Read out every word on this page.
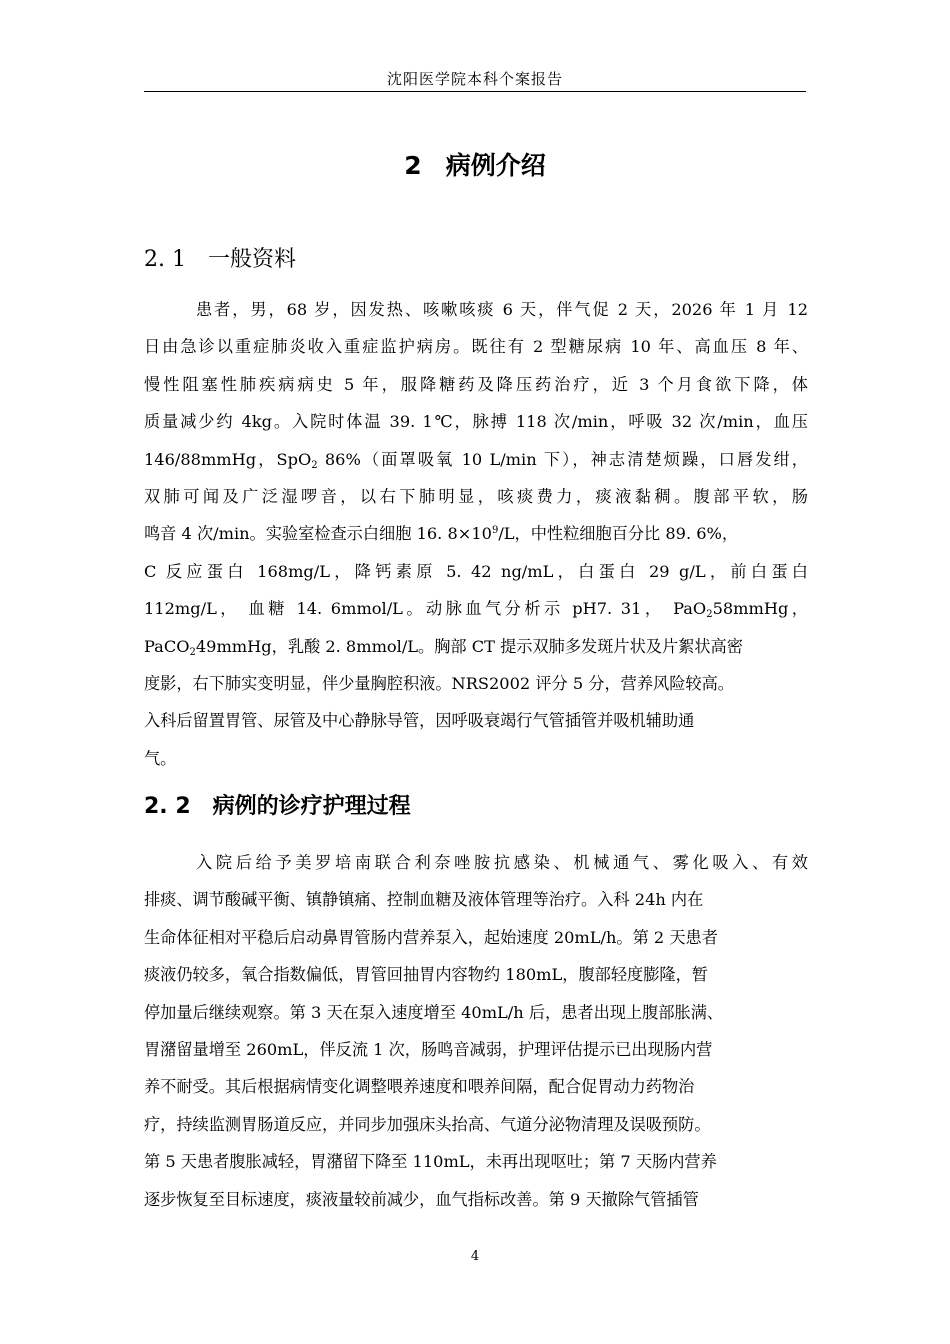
沈阳医学院本科个案报告
2 病例介绍
2. 1 一般资料
患者，男，68 岁，因发热、咳嗽咳痰 6 天，伴气促 2 天，2026 年 1 月 12
日由急诊以重症肺炎收入重症监护病房。既往有 2 型糖尿病 10 年、高血压 8 年、
慢性阻塞性肺疾病病史 5 年，服降糖药及降压药治疗，近 3 个月食欲下降，体
质量减少约 4kg。入院时体温 39. 1℃，脉搏 118 次/min，呼吸 32 次/min，血压
146/88mmHg，SpO$_2$ 86%（面罩吸氧 10 L/min 下），神志清楚烦躁，口唇发绀，
双肺可闻及广泛湿啰音，以右下肺明显，咳痰费力，痰液黏稠。腹部平软，肠
鸣音 4 次/min。实验室检查示白细胞 16. $8\times 10^9/L$，中性粒细胞百分比 89. 6%，
C 反应蛋白 168mg/L，降钙素原 5. 42 ng/mL，白蛋白 29 g/L，前白蛋白
112mg/L， 血糖 14. 6mmol/L。动脉血气分析示 pH7. 31， PaO$_2$58mmHg，
PaCO$_2$49mmHg，乳酸 2. 8mmol/L。胸部 CT 提示双肺多发斑片状及片絮状高密
度影，右下肺实变明显，伴少量胸腔积液。NRS2002 评分 5 分，营养风险较高。
入科后留置胃管、尿管及中心静脉导管，因呼吸衰竭行气管插管并吸机辅助通
气。
2. 2 病例的诊疗护理过程
入院后给予美罗培南联合利奈唑胺抗感染、机械通气、雾化吸入、有效
排痰、调节酸碱平衡、镇静镇痛、控制血糖及液体管理等治疗。入科 24h 内在
生命体征相对平稳后启动鼻胃管肠内营养泵入，起始速度 20mL/h。第 2 天患者
痰液仍较多，氧合指数偏低，胃管回抽胃内容物约 180mL，腹部轻度膨隆，暂
停加量后继续观察。第 3 天在泵入速度增至 40mL/h 后，患者出现上腹部胀满、
胃潴留量增至 260mL，伴反流 1 次，肠鸣音减弱，护理评估提示已出现肠内营
养不耐受。其后根据病情变化调整喂养速度和喂养间隔，配合促胃动力药物治
疗，持续监测胃肠道反应，并同步加强床头抬高、气道分泌物清理及误吸预防。
第 5 天患者腹胀减轻，胃潴留下降至 110mL，未再出现呕吐；第 7 天肠内营养
逐步恢复至目标速度，痰液量较前减少，血气指标改善。第 9 天撤除气管插管
4
